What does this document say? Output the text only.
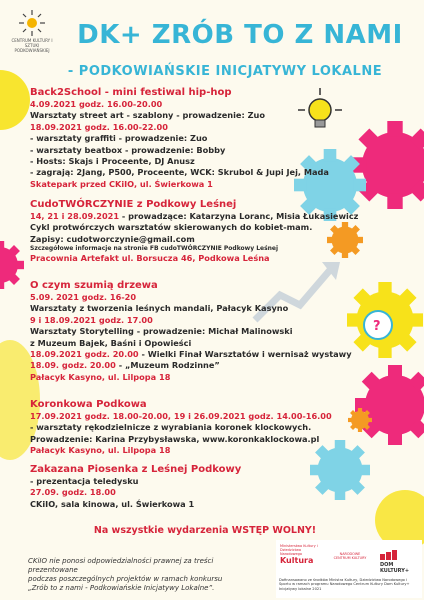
?
CENTRUM KULTURY I SZTUKI PODKOWIAŃSKIEJ
DK+ ZRÓB TO Z NAMI
- PODKOWIAŃSKIE INICJATYWY LOKALNE
Back2School - mini festiwal hip-hop
4.09.2021 godz. 16.00-20.00
Warsztaty street art - szablony - prowadzenie: Zuo
18.09.2021 godz. 16.00-22.00
- warsztaty graffiti - prowadzenie: Zuo
- warsztaty beatbox - prowadzenie: Bobby
- Hosts: Skajs i Proceente, DJ Anusz
- zagrają: 2Jang, P500, Proceente, WCK: Skrubol & Jupi Jej, Mada
Skatepark przed CKiIO, ul. Świerkowa 1
CudoTWÓRCZYNIE z Podkowy Leśnej
14, 21 i 28.09.2021 - prowadzące: Katarzyna Loranc, Misia Łukasiewicz
Cykl protwórczych warsztatów skierowanych do kobiet-mam.
Zapisy: cudotworczynie@gmail.com
Szczegółowe informacje na stronie FB cudoTWÓRCZYNIE Podkowy Leśnej
Pracownia Artefakt ul. Borsucza 46, Podkowa Leśna
O czym szumią drzewa
5.09. 2021 godz. 16-20
Warsztaty z tworzenia leśnych mandali, Pałacyk Kasyno
9 i 18.09.2021 godz. 17.00
Warsztaty Storytelling - prowadzenie: Michał Malinowski
z Muzeum Bajek, Baśni i Opowieści
18.09.2021 godz. 20.00 - Wielki Finał Warsztatów i wernisaż wystawy
18.09. godz. 20.00 - „Muzeum Rodzinne”
Pałacyk Kasyno, ul. Lilpopa 18
Koronkowa Podkowa
17.09.2021 godz. 18.00-20.00, 19 i 26.09.2021 godz. 14.00-16.00
- warsztaty rękodzielnicze z wyrabiania koronek klockowych.
Prowadzenie: Karina Przybysławska, www.koronkaklockowa.pl
Pałacyk Kasyno, ul. Lilpopa 18
Zakazana Piosenka z Leśnej Podkowy
- prezentacja teledysku
27.09. godz. 18.00
CKiIO, sala kinowa, ul. Świerkowa 1
Na wszystkie wydarzenia WSTĘP WOLNY!
CKiIO nie ponosi odpowiedzialności prawnej za treści prezentowane
podczas poszczególnych projektów w ramach konkursu
„Zrób to z nami - Podkowiańskie Inicjatywy Lokalne”.
Ministerstwo Kultury i Dziedzictwa Narodowego
Kultura
NARODOWE CENTRUM KULTURY
DOM KULTURY+
Dofinansowano ze środków Ministra Kultury, Dziedzictwa Narodowego i Sportu w ramach programu Narodowego Centrum Kultury Dom Kultury+ Inicjatywy lokalne 2021
